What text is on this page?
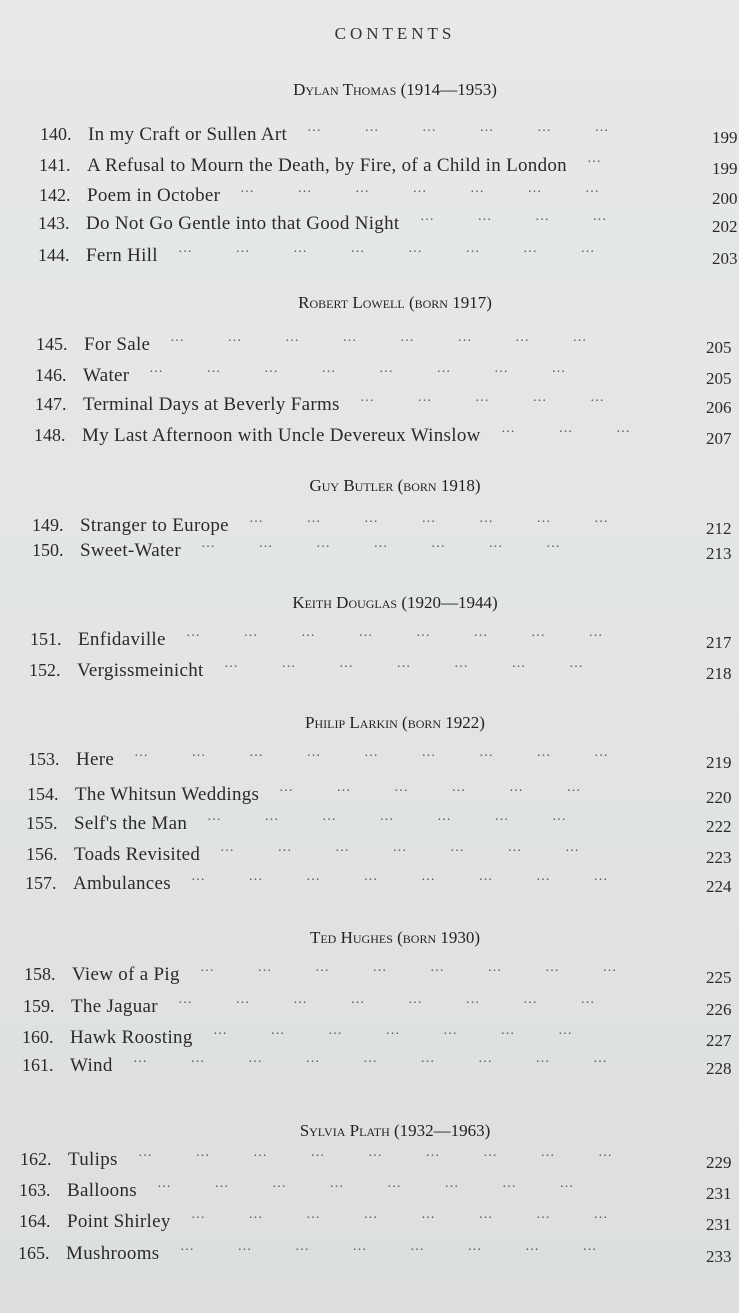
CONTENTS
Dylan Thomas (1914—1953)
140. In my Craft or Sullen Art … … … … … …
199
141. A Refusal to Mourn the Death, by Fire, of a Child in London …
199
142. Poem in October … … … … … … …
200
143. Do Not Go Gentle into that Good Night … … … …
202
144. Fern Hill … … … … … … … …
203
Robert Lowell (born 1917)
145. For Sale … … … … … … … …
205
146. Water … … … … … … … …
205
147. Terminal Days at Beverly Farms … … … … …
206
148. My Last Afternoon with Uncle Devereux Winslow … … …
207
Guy Butler (born 1918)
149. Stranger to Europe … … … … … … …
212
150. Sweet-Water … … … … … … …
213
Keith Douglas (1920—1944)
151. Enfidaville … … … … … … … …
217
152. Vergissmeinicht … … … … … … …
218
Philip Larkin (born 1922)
153. Here … … … … … … … … …
219
154. The Whitsun Weddings … … … … … …
220
155. Self's the Man … … … … … … …
222
156. Toads Revisited … … … … … … …
223
157. Ambulances … … … … … … … …
224
Ted Hughes (born 1930)
158. View of a Pig … … … … … … … …
225
159. The Jaguar … … … … … … … …
226
160. Hawk Roosting … … … … … … …
227
161. Wind … … … … … … … … …
228
Sylvia Plath (1932—1963)
162. Tulips … … … … … … … … …
229
163. Balloons … … … … … … … …
231
164. Point Shirley … … … … … … … …
231
165. Mushrooms … … … … … … … …
233
